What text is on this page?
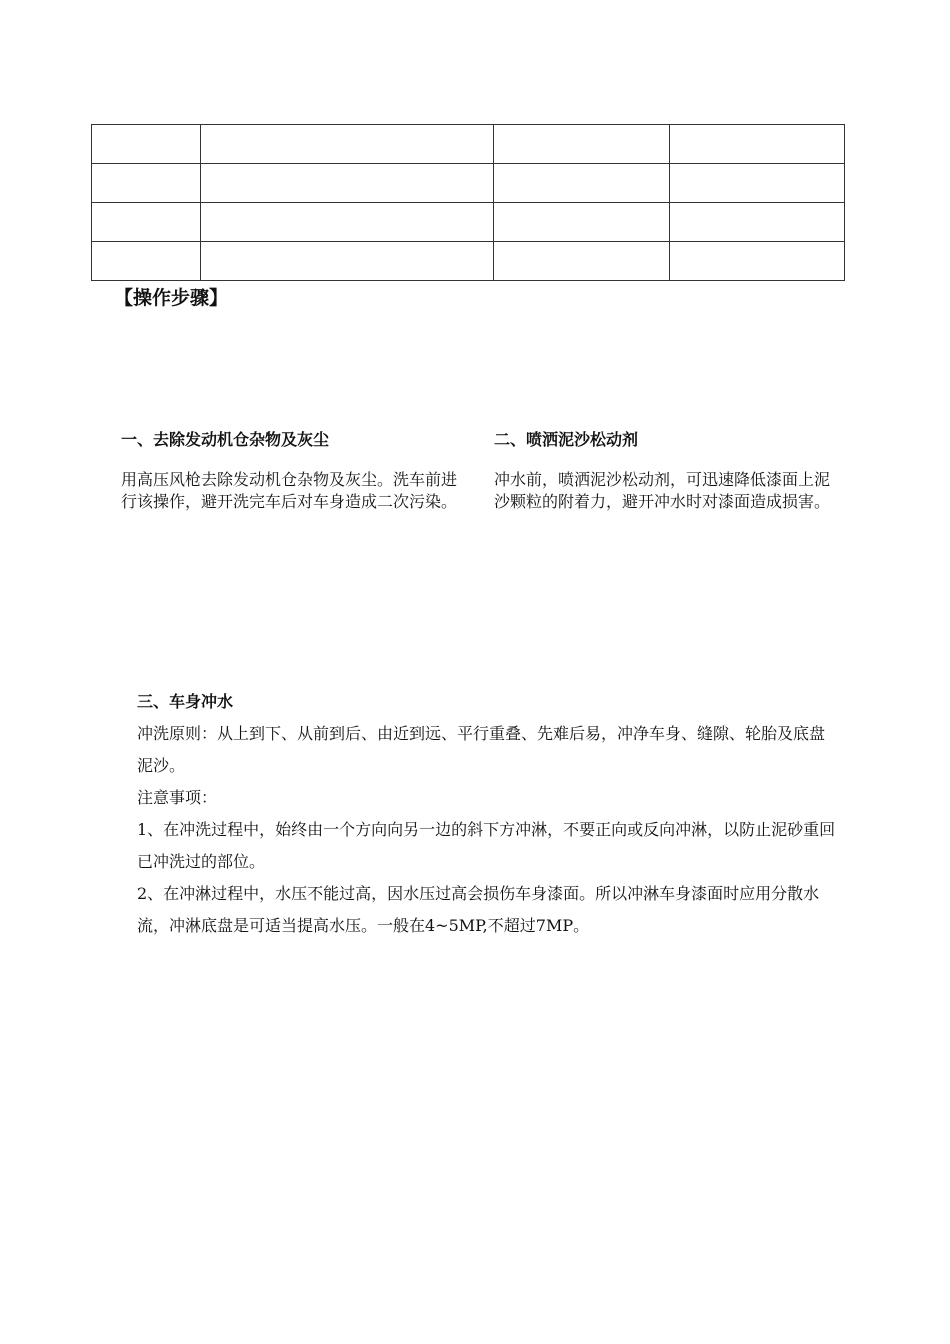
【操作步骤】
一、去除发动机仓杂物及灰尘
用高压风枪去除发动机仓杂物及灰尘。洗车前进行该操作，避开洗完车后对车身造成二次污染。
二、喷洒泥沙松动剂
冲水前，喷洒泥沙松动剂，可迅速降低漆面上泥沙颗粒的附着力，避开冲水时对漆面造成损害。

三、车身冲水

冲洗原则：从上到下、从前到后、由近到远、平行重叠、先难后易，冲净车身、缝隙、轮胎及底盘泥沙。

注意事项：

1、在冲洗过程中，始终由一个方向向另一边的斜下方冲淋，不要正向或反向冲淋，以防止泥砂重回已冲洗过的部位。

2、在冲淋过程中，水压不能过高，因水压过高会损伤车身漆面。所以冲淋车身漆面时应用分散水流，冲淋底盘是可适当提高水压。一般在4~5MP,不超过7MP。
